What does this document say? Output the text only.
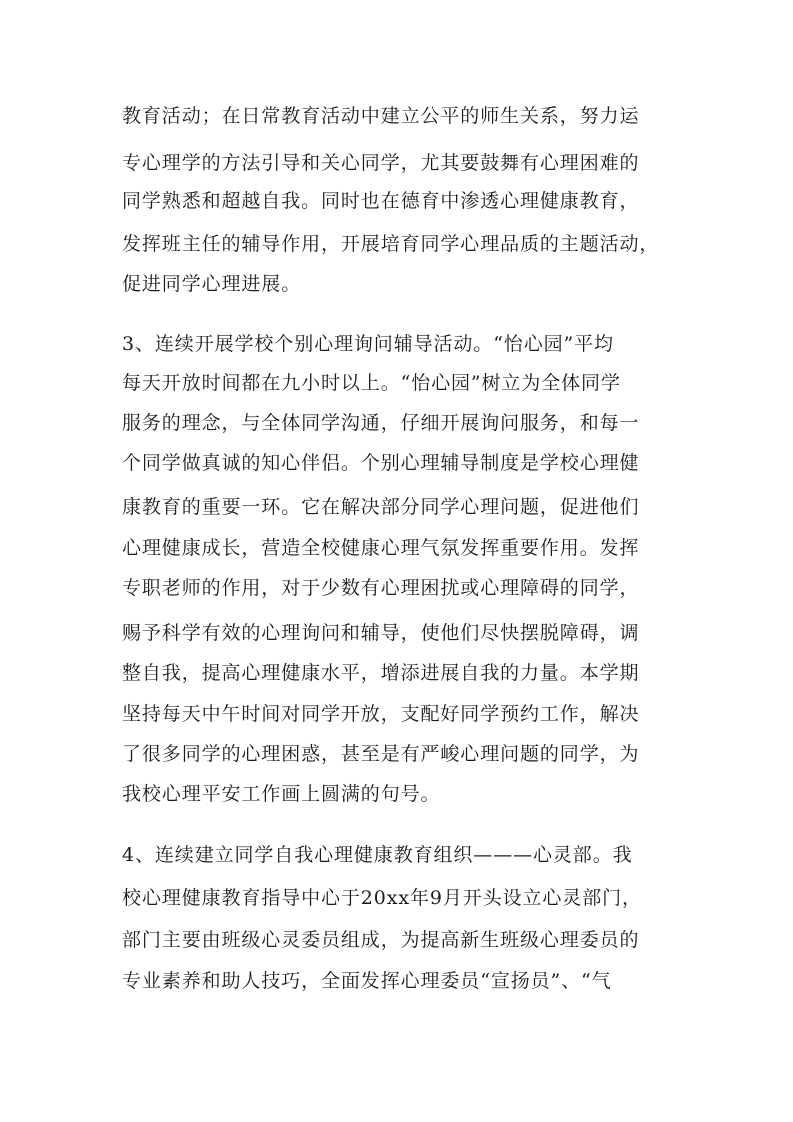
教育活动；在日常教育活动中建立公平的师生关系，努力运
专心理学的方法引导和关心同学，尤其要鼓舞有心理困难的
同学熟悉和超越自我。同时也在德育中渗透心理健康教育，
发挥班主任的辅导作用，开展培育同学心理品质的主题活动，
促进同学心理进展。
3、连续开展学校个别心理询问辅导活动。“怡心园”平均
每天开放时间都在九小时以上。“怡心园”树立为全体同学
服务的理念，与全体同学沟通，仔细开展询问服务，和每一
个同学做真诚的知心伴侣。个别心理辅导制度是学校心理健
康教育的重要一环。它在解决部分同学心理问题，促进他们
心理健康成长，营造全校健康心理气氛发挥重要作用。发挥
专职老师的作用，对于少数有心理困扰或心理障碍的同学，
赐予科学有效的心理询问和辅导，使他们尽快摆脱障碍，调
整自我，提高心理健康水平，增添进展自我的力量。本学期
坚持每天中午时间对同学开放，支配好同学预约工作，解决
了很多同学的心理困惑，甚至是有严峻心理问题的同学，为
我校心理平安工作画上圆满的句号。
4、连续建立同学自我心理健康教育组织———心灵部。我
校心理健康教育指导中心于20xx年9月开头设立心灵部门，
部门主要由班级心灵委员组成，为提高新生班级心理委员的
专业素养和助人技巧，全面发挥心理委员“宣扬员”、“气
